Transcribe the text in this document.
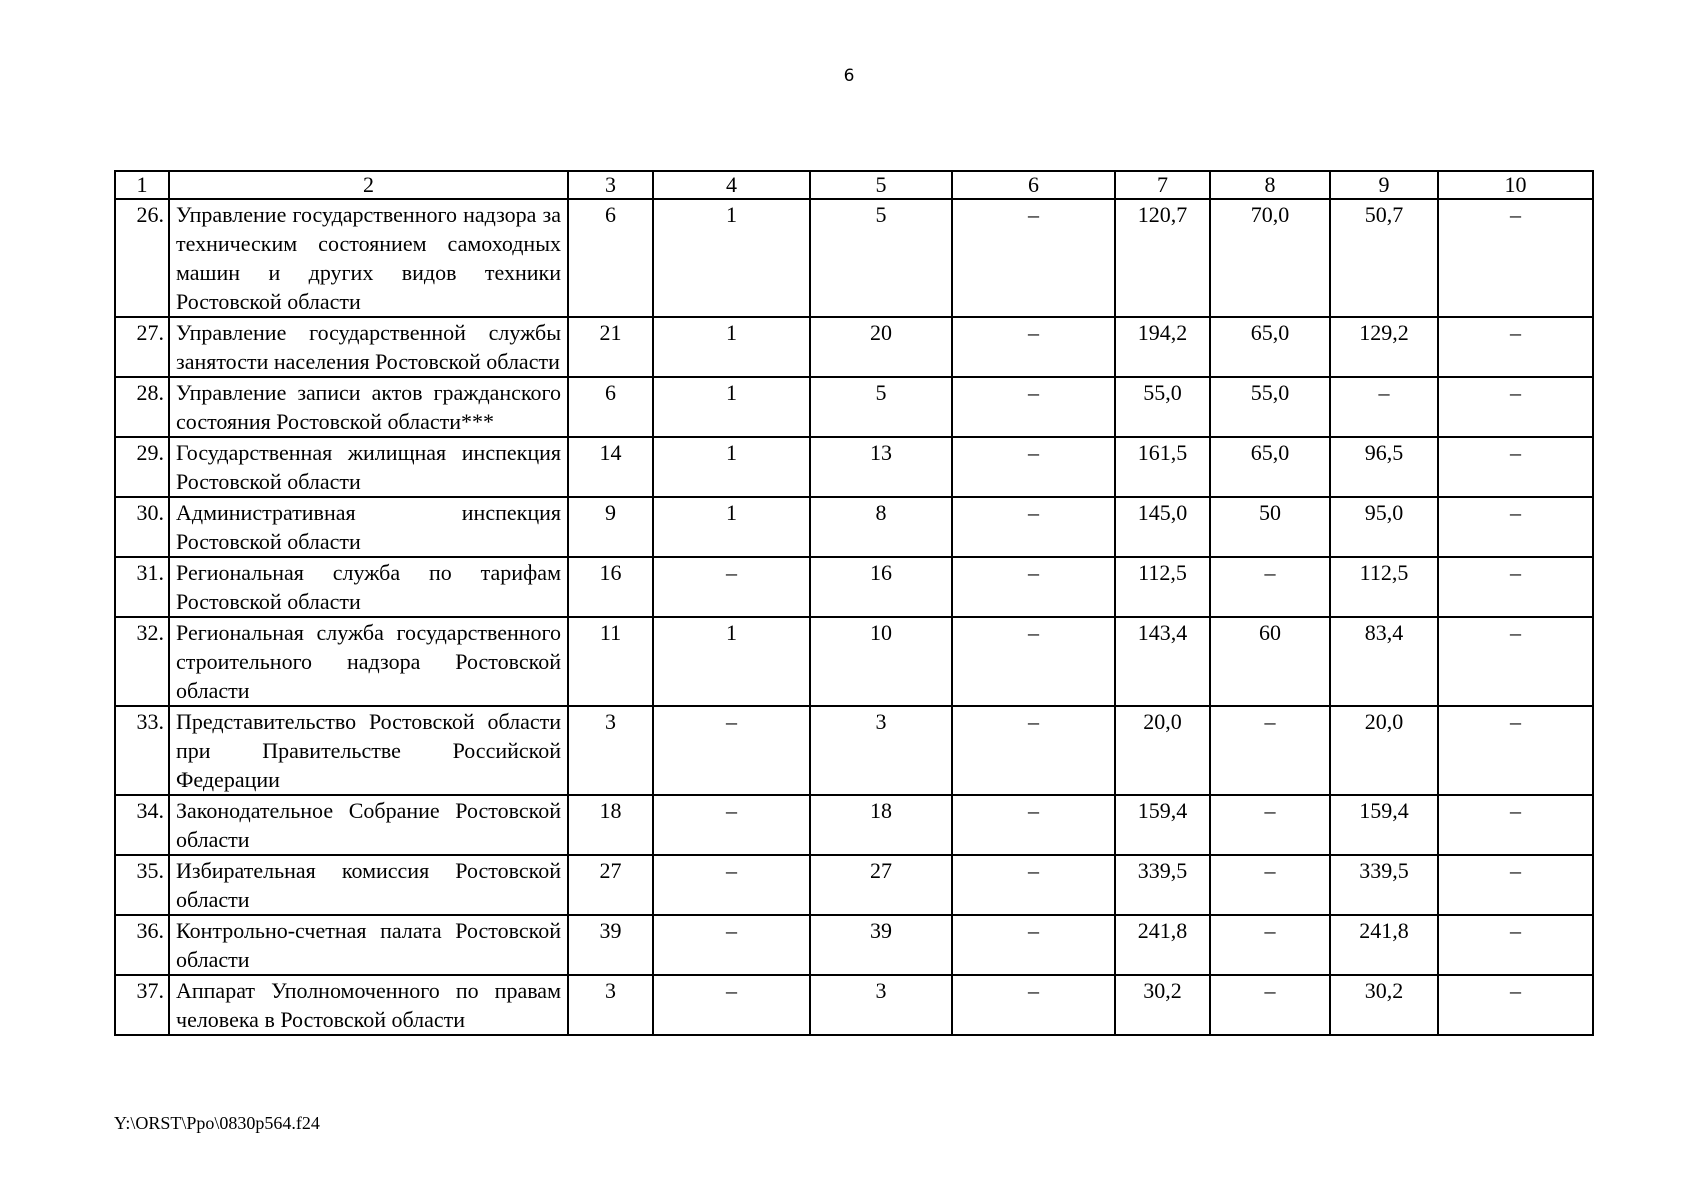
6
1	2	3	4	5	6	7	8	9	10
26.	Управление государственного надзора за техническим состоянием самоходных машин и других видов техники Ростовской области	6	1	5	–	120,7	70,0	50,7	–
27.	Управление государственной службы занятости населения Ростовской области	21	1	20	–	194,2	65,0	129,2	–
28.	Управление записи актов гражданского состояния Ростовской области***	6	1	5	–	55,0	55,0	–	–
29.	Государственная жилищная инспекция Ростовской области	14	1	13	–	161,5	65,0	96,5	–
30.	Административная инспекция Ростовской области	9	1	8	–	145,0	50	95,0	–
31.	Региональная служба по тарифам Ростовской области	16	–	16	–	112,5	–	112,5	–
32.	Региональная служба государственного строительного надзора Ростовской области	11	1	10	–	143,4	60	83,4	–
33.	Представительство Ростовской области при Правительстве Российской Федерации	3	–	3	–	20,0	–	20,0	–
34.	Законодательное Собрание Ростовской области	18	–	18	–	159,4	–	159,4	–
35.	Избирательная комиссия Ростовской области	27	–	27	–	339,5	–	339,5	–
36.	Контрольно-счетная палата Ростовской области	39	–	39	–	241,8	–	241,8	–
37.	Аппарат Уполномоченного по правам человека в Ростовской области	3	–	3	–	30,2	–	30,2	–
Y:\ORST\Ppo\0830p564.f24
